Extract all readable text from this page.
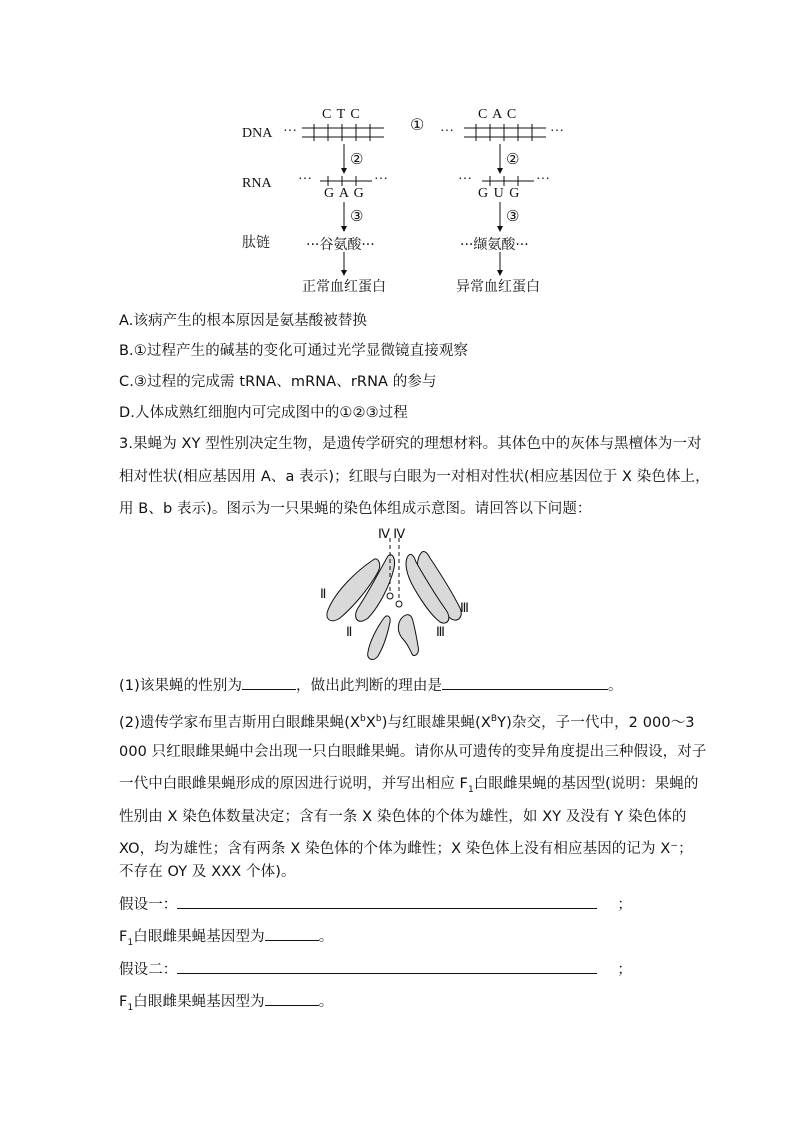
DNA ···
C T C
① ···
C A C
···
②	②
RNA ···
G A G
···	···
G U G
···
③	③
肽链	···谷氨酸···	···缬氨酸···
正常血红蛋白	异常血红蛋白
A.该病产生的根本原因是氨基酸被替换
B.①过程产生的碱基的变化可通过光学显微镜直接观察
C.③过程的完成需 tRNA、mRNA、rRNA 的参与
D.人体成熟红细胞内可完成图中的①②③过程
3.果蝇为 XY 型性别决定生物，是遗传学研究的理想材料。其体色中的灰体与黑檀体为一对
相对性状(相应基因用 A、a 表示)；红眼与白眼为一对相对性状(相应基因位于 X 染色体上，
用 B、b 表示)。图示为一只果蝇的染色体组成示意图。请回答以下问题：
Ⅳ Ⅳ
Ⅱ
Ⅱ
Ⅲ
Ⅲ
(1)该果蝇的性别为	，做出此判断的理由是	。
(2)遗传学家布里吉斯用白眼雌果蝇$(X^bX^b)$与红眼雄果蝇$(X^BY)$杂交，子一代中，2 000～3
000 只红眼雌果蝇中会出现一只白眼雌果蝇。请你从可遗传的变异角度提出三种假设，对子
一代中白眼雌果蝇形成的原因进行说明，并写出相应 $F_1$白眼雌果蝇的基因型(说明：果蝇的
性别由 X 染色体数量决定；含有一条 X 染色体的个体为雄性，如 XY 及没有 Y 染色体的
XO，均为雄性；含有两条 X 染色体的个体为雌性；X 染色体上没有相应基因的记为 X⁻；
不存在 OY 及 XXX 个体)。
假设一：	；
$F_1$白眼雌果蝇基因型为	。
假设二：	；
$F_1$白眼雌果蝇基因型为	。
